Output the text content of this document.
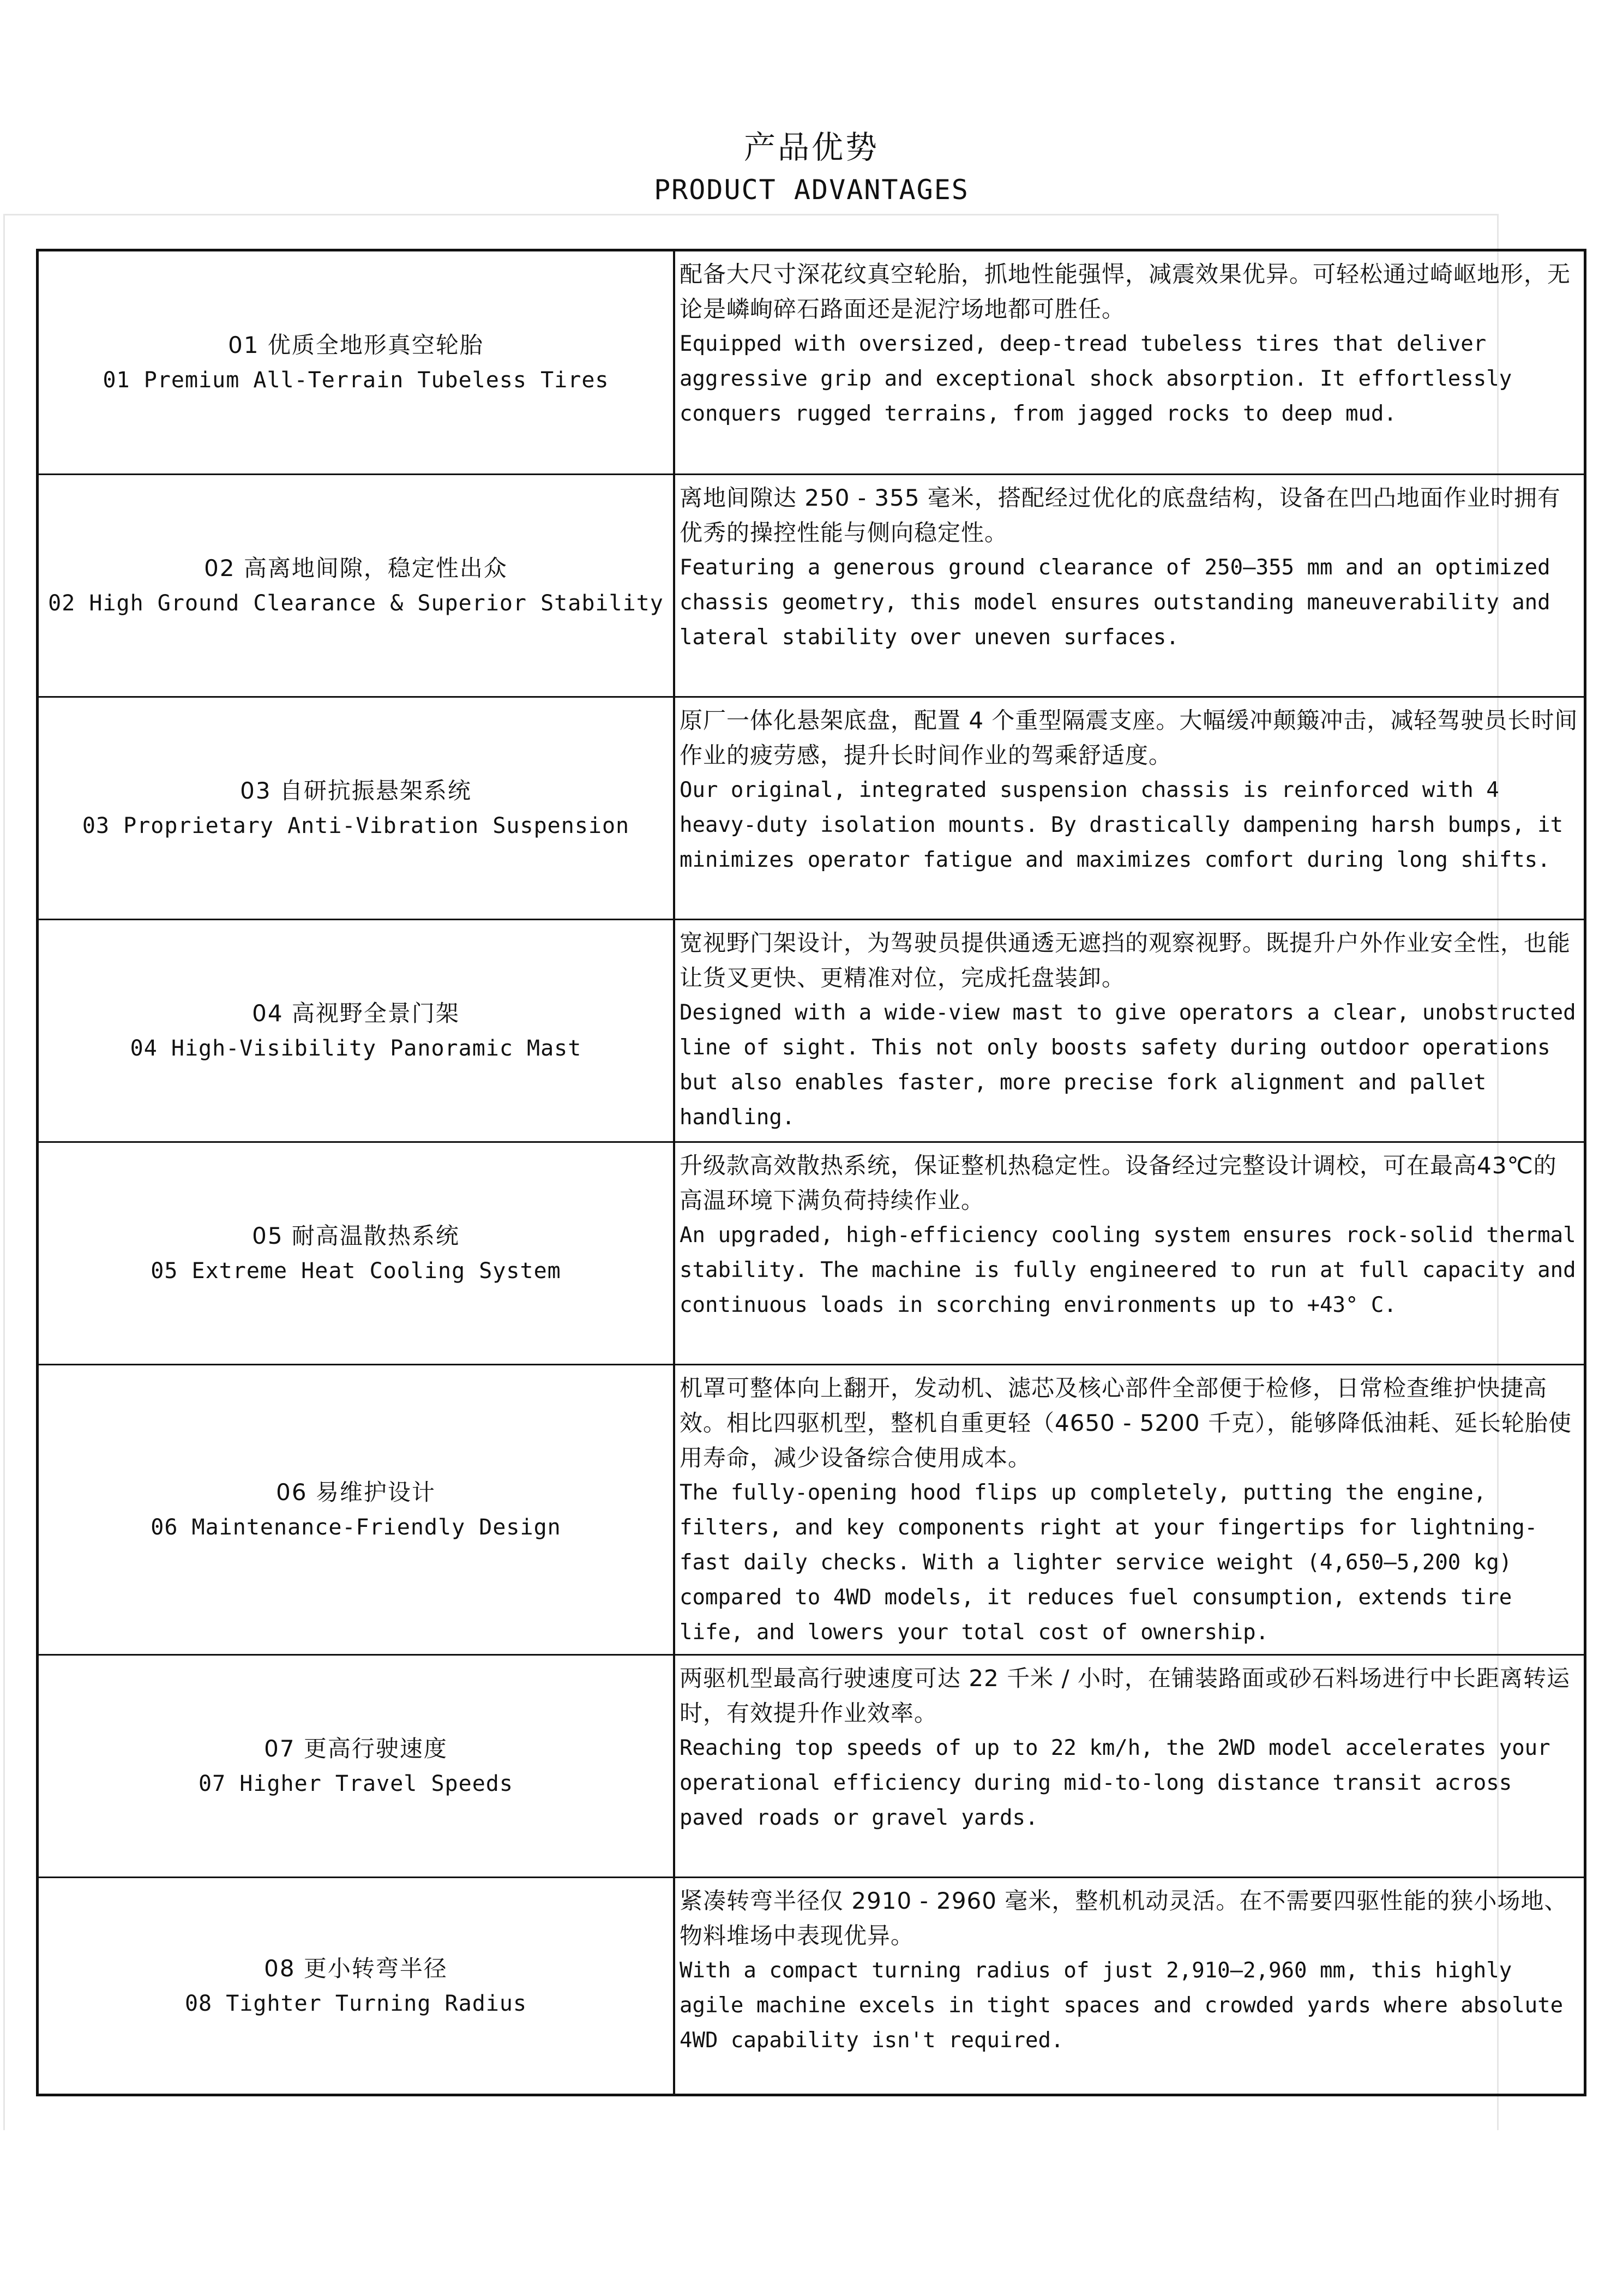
产品优势
PRODUCT ADVANTAGES
01 优质全地形真空轮胎
01 Premium All-Terrain Tubeless Tires

配备大尺寸深花纹真空轮胎，抓地性能强悍，减震效果优异。可轻松通过崎岖地形，无论是嶙峋碎石路面还是泥泞场地都可胜任。

Equipped with oversized, deep-tread tubeless tires that deliver aggressive grip and exceptional shock absorption. It effortlessly conquers rugged terrains, from jagged rocks to deep mud.

02 高离地间隙，稳定性出众
02 High Ground Clearance & Superior Stability

离地间隙达 250 - 355 毫米，搭配经过优化的底盘结构，设备在凹凸地面作业时拥有优秀的操控性能与侧向稳定性。

Featuring a generous ground clearance of 250–355 mm and an optimized chassis geometry, this model ensures outstanding maneuverability and lateral stability over uneven surfaces.

03 自研抗振悬架系统
03 Proprietary Anti-Vibration Suspension

原厂一体化悬架底盘，配置 4 个重型隔震支座。大幅缓冲颠簸冲击，减轻驾驶员长时间作业的疲劳感，提升长时间作业的驾乘舒适度。

Our original, integrated suspension chassis is reinforced with 4 heavy-duty isolation mounts. By drastically dampening harsh bumps, it minimizes operator fatigue and maximizes comfort during long shifts.

04 高视野全景门架
04 High-Visibility Panoramic Mast

宽视野门架设计，为驾驶员提供通透无遮挡的观察视野。既提升户外作业安全性，也能让货叉更快、更精准对位，完成托盘装卸。

Designed with a wide-view mast to give operators a clear, unobstructed line of sight. This not only boosts safety during outdoor operations but also enables faster, more precise fork alignment and pallet handling.

05 耐高温散热系统
05 Extreme Heat Cooling System

升级款高效散热系统，保证整机热稳定性。设备经过完整设计调校，可在最高43℃的高温环境下满负荷持续作业。

An upgraded, high-efficiency cooling system ensures rock-solid thermal stability. The machine is fully engineered to run at full capacity and continuous loads in scorching environments up to +43° C.

06 易维护设计
06 Maintenance-Friendly Design

机罩可整体向上翻开，发动机、滤芯及核心部件全部便于检修，日常检查维护快捷高效。相比四驱机型，整机自重更轻（4650 - 5200 千克），能够降低油耗、延长轮胎使用寿命，减少设备综合使用成本。

The fully-opening hood flips up completely, putting the engine, filters, and key components right at your fingertips for lightning-fast daily checks. With a lighter service weight (4,650–5,200 kg) compared to 4WD models, it reduces fuel consumption, extends tire life, and lowers your total cost of ownership.

07 更高行驶速度
07 Higher Travel Speeds

两驱机型最高行驶速度可达 22 千米 / 小时，在铺装路面或砂石料场进行中长距离转运时，有效提升作业效率。

Reaching top speeds of up to 22 km/h, the 2WD model accelerates your operational efficiency during mid-to-long distance transit across paved roads or gravel yards.

08 更小转弯半径
08 Tighter Turning Radius

紧凑转弯半径仅 2910 - 2960 毫米，整机机动灵活。在不需要四驱性能的狭小场地、物料堆场中表现优异。

With a compact turning radius of just 2,910–2,960 mm, this highly agile machine excels in tight spaces and crowded yards where absolute 4WD capability isn't required.
